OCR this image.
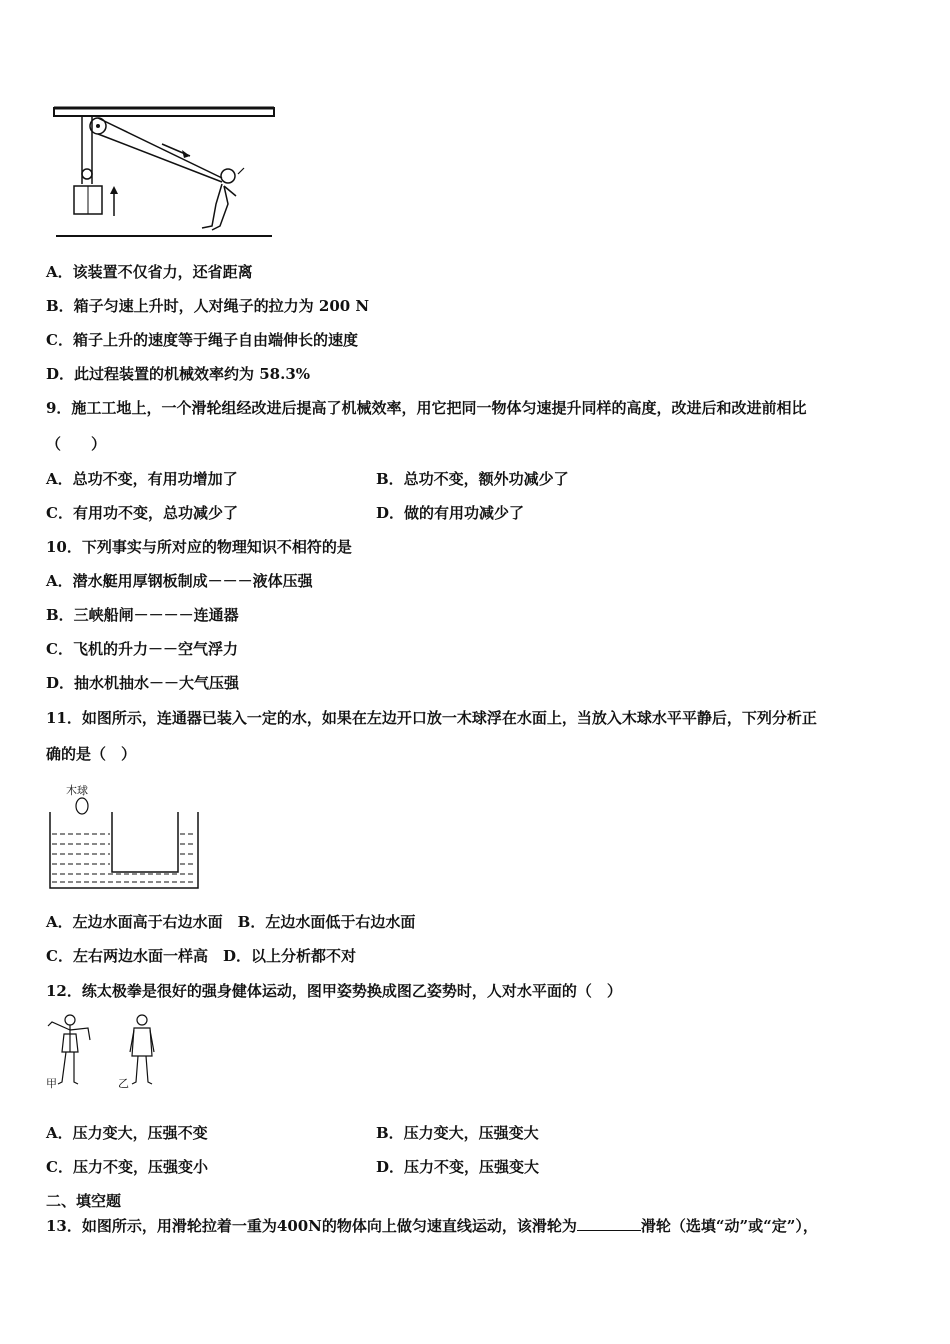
A．该装置不仅省力，还省距离
B．箱子匀速上升时，人对绳子的拉力为 200 N
C．箱子上升的速度等于绳子自由端伸长的速度
D．此过程装置的机械效率约为 58.3%
9．施工工地上，一个滑轮组经改进后提高了机械效率，用它把同一物体匀速提升同样的高度，改进后和改进前相比
（　　）
A．总功不变，有用功增加了	B．总功不变，额外功减少了
C．有用功不变，总功减少了	D．做的有用功减少了
10．下列事实与所对应的物理知识不相符的是
A．潜水艇用厚钢板制成－－－液体压强
B．三峡船闸－－－－连通器
C．飞机的升力－－空气浮力
D．抽水机抽水－－大气压强
11．如图所示，连通器已装入一定的水，如果在左边开口放一木球浮在水面上，当放入木球水平平静后，下列分析正
确的是（　）
木球
A．左边水面高于右边水面　B．左边水面低于右边水面
C．左右两边水面一样高　D．以上分析都不对
12．练太极拳是很好的强身健体运动，图甲姿势换成图乙姿势时，人对水平面的（　）
甲	乙
A．压力变大，压强不变	B．压力变大，压强变大
C．压力不变，压强变小	D．压力不变，压强变大
二、填空题
13．如图所示，用滑轮拉着一重为400N的物体向上做匀速直线运动，该滑轮为	滑轮（选填“动”或“定”），
